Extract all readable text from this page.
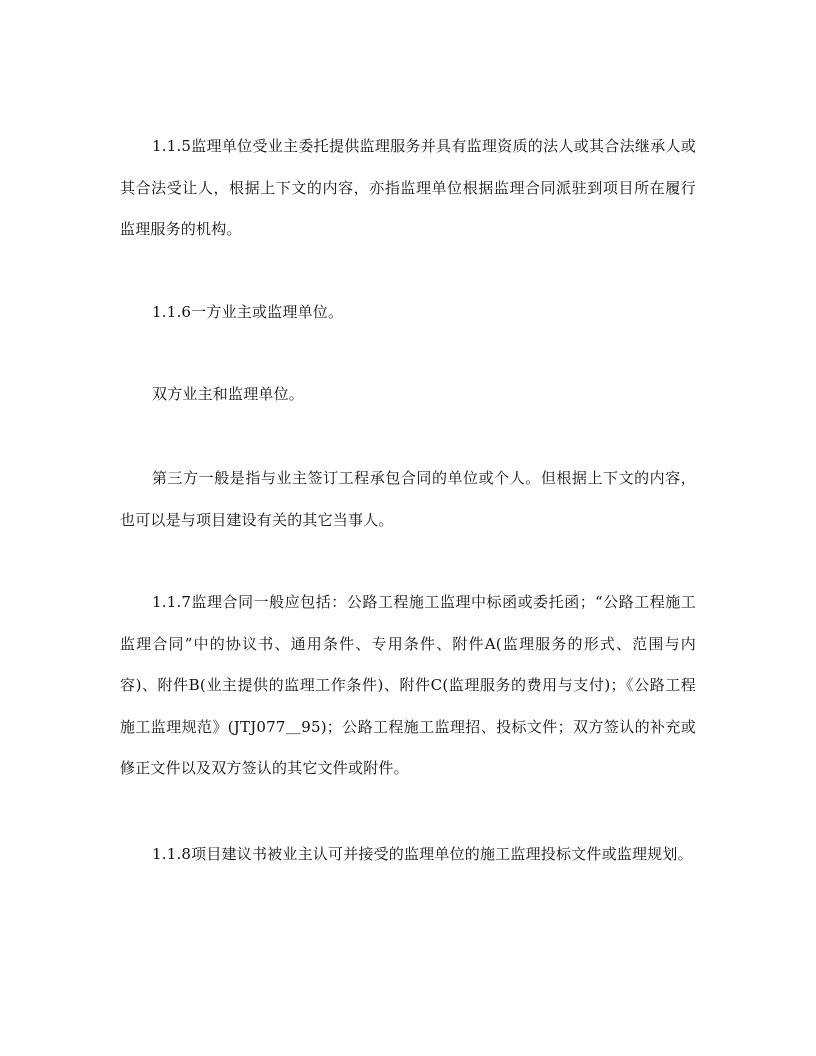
1.1.5监理单位受业主委托提供监理服务并具有监理资质的法人或其合法继承人或其合法受让人，根据上下文的内容，亦指监理单位根据监理合同派驻到项目所在履行监理服务的机构。

1.1.6一方业主或监理单位。

双方业主和监理单位。

第三方一般是指与业主签订工程承包合同的单位或个人。但根据上下文的内容，也可以是与项目建设有关的其它当事人。

1.1.7监理合同一般应包括：公路工程施工监理中标函或委托函；“公路工程施工监理合同”中的协议书、通用条件、专用条件、附件A(监理服务的形式、范围与内容)、附件B(业主提供的监理工作条件)、附件C(监理服务的费用与支付)；《公路工程施工监理规范》(JTJ077＿95)；公路工程施工监理招、投标文件；双方签认的补充或修正文件以及双方签认的其它文件或附件。

1.1.8项目建议书被业主认可并接受的监理单位的施工监理投标文件或监理规划。
